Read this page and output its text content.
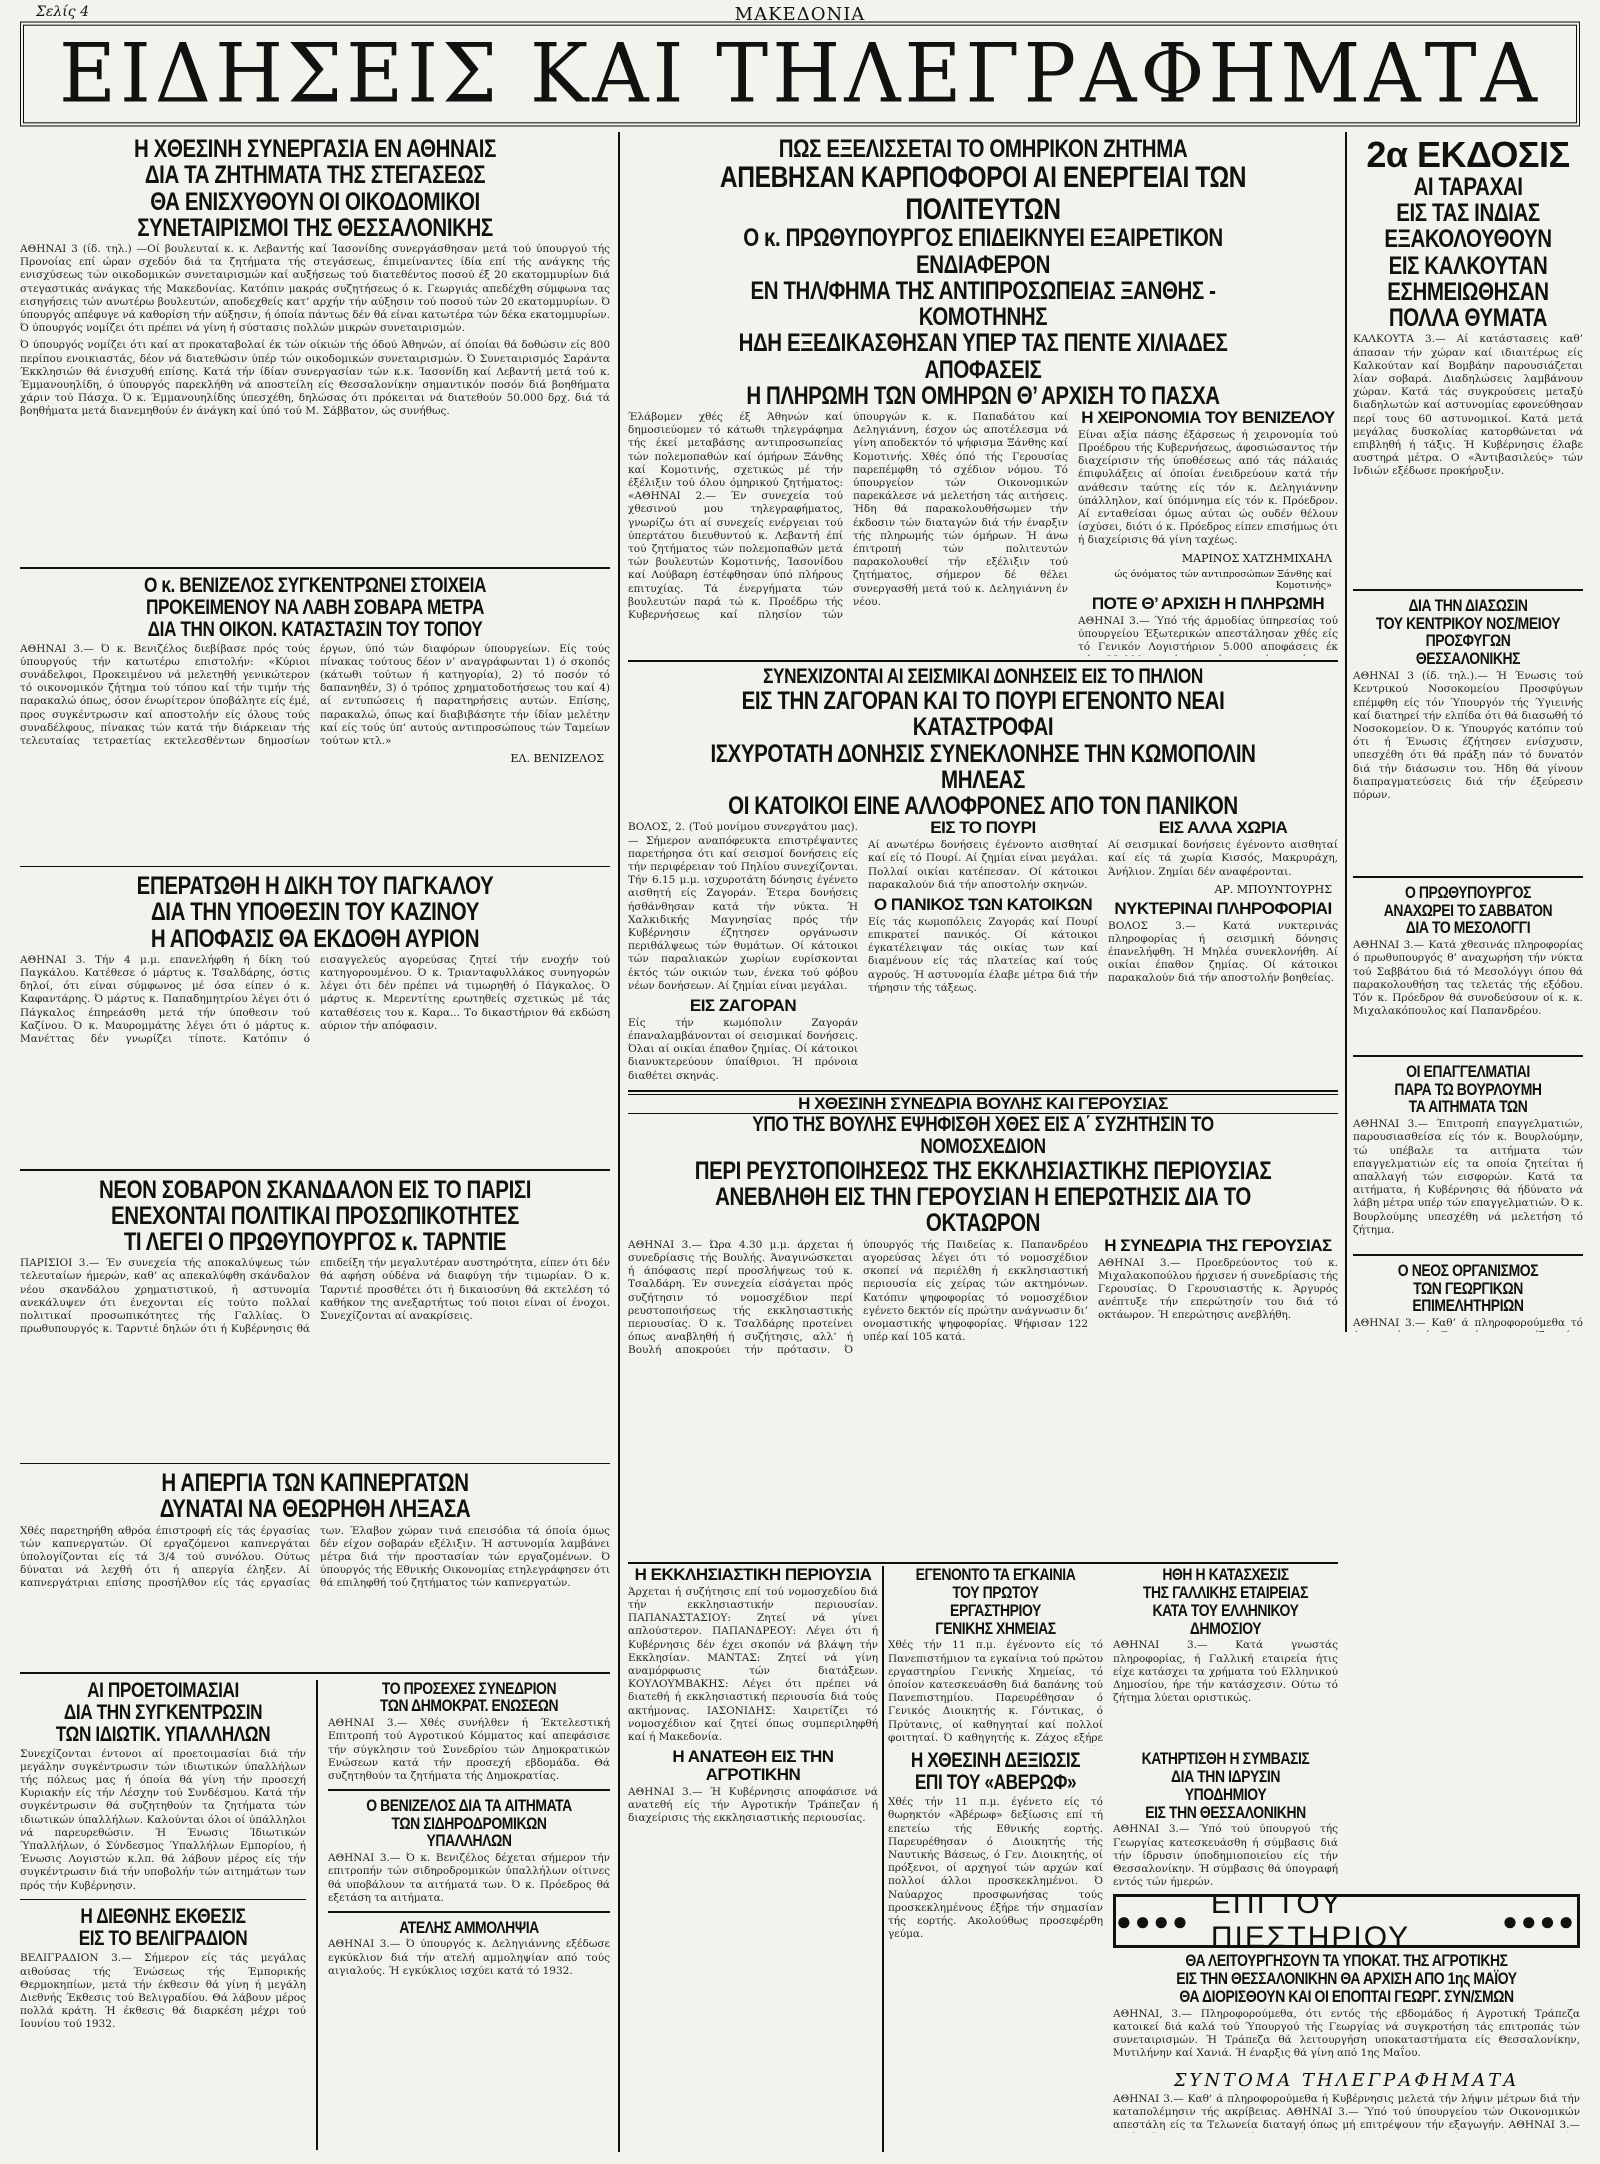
Σελίς 4	ΜΑΚΕΔΟΝΙΑ
ΕΙΔΗΣΕΙΣ ΚΑΙ ΤΗΛΕΓΡΑΦΗΜΑΤΑ
Η ΧΘΕΣΙΝΗ ΣΥΝΕΡΓΑΣΙΑ ΕΝ ΑΘΗΝΑΙΣ
ΔΙΑ ΤΑ ΖΗΤΗΜΑΤΑ ΤΗΣ ΣΤΕΓΑΣΕΩΣ
ΘΑ ΕΝΙΣΧΥΘΟΥΝ ΟΙ ΟΙΚΟΔΟΜΙΚΟΙ
ΣΥΝΕΤΑΙΡΙΣΜΟΙ ΤΗΣ ΘΕΣΣΑΛΟΝΙΚΗΣ

ΑΘΗΝΑΙ 3 (ίδ. τηλ.) —Οί βουλευταί κ. κ. Λεβαντής καί Ίασονίδης συνεργάσθησαν μετά τού ύπουργού τής Προνοίας επί ώραν σχεδόν διά τα ζητήματα τής στεγάσεως, έπιμείναντες ίδία επί τής ανάγκης τής ενισχύσεως τών οικοδομικών συνεταιρισμών καί αυξήσεως τού διατεθέντος ποσού έξ 20 εκατομμυρίων διά στεγαστικάς ανάγκας τής Μακεδονίας. Κατόπιν μακράς συζητήσεως ό κ. Γεωργιάς απεδέχθη σύμφωνα τας εισηγήσεις τών ανωτέρω βουλευτών, αποδεχθείς κατ’ αρχήν τήν αύξησιν τού ποσού τών 20 εκατομμυρίων. Ό ύπουργός απέφυγε νά καθορίση τήν αύξησιν, ή όποία πάντως δέν θά είναι κατωτέρα τών δέκα εκατομμυρίων. Ό ύπουργός νομίζει ότι πρέπει νά γίνη ή σύστασις πολλών μικρών συνεταιρισμών.

Ό ύπουργός νομίζει ότι καί ατ προκαταβολαί έκ τών οίκιών τής όδού Άθηνών, αί όποίαι θά δοθώσιν είς 800 περίπου ενοικιαστάς, δέον νά διατεθώσιν ύπέρ τών οικοδομικών συνεταιρισμών. Ό Συνεταιρισμός Σαράντα Έκκλησιών θά ένισχυθή επίσης. Κατά τήν ίδίαν συνεργασίαν τών κ.κ. Ίασονίδη καί Λεβαντή μετά τού κ. Έμμανουηλίδη, ό ύπουργός παρεκλήθη νά αποστείλη είς Θεσσαλονίκην σημαντικόν ποσόν διά βοηθήματα χάριν τού Πάσχα. Ό κ. Έμμανουηλίδης ύπεσχέθη, δηλώσας ότι πρόκειται νά διατεθούν 50.000 δρχ. διά τά βοηθήματα μετά διανεμηθούν έν άνάγκη καί ύπό τού Μ. Σάββατον, ώς συνήθως.

Ο κ. ΒΕΝΙΖΕΛΟΣ ΣΥΓΚΕΝΤΡΩΝΕΙ ΣΤΟΙΧΕΙΑ
ΠΡΟΚΕΙΜΕΝΟΥ ΝΑ ΛΑΒΗ ΣΟΒΑΡΑ ΜΕΤΡΑ
ΔΙΑ ΤΗΝ ΟΙΚΟΝ. ΚΑΤΑΣΤΑΣΙΝ ΤΟΥ ΤΟΠΟΥ

ΑΘΗΝΑΙ 3.— Ό κ. Βενιζέλος διεβίβασε πρός τούς ύπουργούς τήν κατωτέρω επιστολήν: «Κύριοι συνάδελφοι, Προκειμένου νά μελετηθή γενικώτερον τό οικονομικόν ζήτημα τού τόπου καί τήν τιμήν τής παρακαλώ όπως, όσον ένωρίτερον ύποβάλητε είς έμέ, προς συγκέντρωσιν καί αποστολήν είς όλους τούς συναδέλφους, πίνακας τών κατά τήν διάρκειαν τής τελευταίας τετραετίας εκτελεσθέντων δημοσίων έργων, ύπό τών διαφόρων ύπουργείων. Είς τούς πίνακας τούτους δέον ν’ αναγράφωνται 1) ό σκοπός (κάτωθι τούτων ή κατηγορία), 2) τό ποσόν τό δαπανηθέν, 3) ό τρόπος χρηματοδοτήσεως του καί 4) αί εντυπώσεις ή παρατηρήσεις αυτών. Επίσης, παρακαλώ, όπως καί διαβιβάσητε τήν ίδίαν μελέτην καί είς τούς ύπ’ αυτούς αντιπροσώπους τών Ταμείων τούτων κτλ.»

ΕΛ. ΒΕΝΙΖΕΛΟΣ
ΕΠΕΡΑΤΩΘΗ Η ΔΙΚΗ ΤΟΥ ΠΑΓΚΑΛΟΥ
ΔΙΑ ΤΗΝ ΥΠΟΘΕΣΙΝ ΤΟΥ ΚΑΖΙΝΟΥ
Η ΑΠΟΦΑΣΙΣ ΘΑ ΕΚΔΟΘΗ ΑΥΡΙΟΝ

ΑΘΗΝΑΙ 3. Τήν 4 μ.μ. επανελήφθη ή δίκη τού Παγκάλου. Κατέθεσε ό μάρτυς κ. Τσαλδάρης, όστις δηλοί, ότι είναι σύμφωνος μέ όσα είπεν ό κ. Καφαντάρης. Ό μάρτυς κ. Παπαδημητρίου λέγει ότι ό Πάγκαλος έπηρεάσθη μετά τήν ύποθεσιν τού Καζίνου. Ό κ. Μαυρομμάτης λέγει ότι ό μάρτυς κ. Μανέττας δέν γνωρίζει τίποτε. Κατόπιν ό εισαγγελεύς αγορεύσας ζητεί τήν ενοχήν τού κατηγορουμένου. Ό κ. Τριανταφυλλάκος συνηγορών λέγει ότι δέν πρέπει νά τιμωρηθή ό Πάγκαλος. Ό μάρτυς κ. Μερεντίτης ερωτηθείς σχετικώς μέ τάς καταθέσεις του κ. Καρα... Το δικαστήριον θά εκδώση αύριον τήν απόφασιν.

ΝΕΟΝ ΣΟΒΑΡΟΝ ΣΚΑΝΔΑΛΟΝ ΕΙΣ ΤΟ ΠΑΡΙΣΙ
ΕΝΕΧΟΝΤΑΙ ΠΟΛΙΤΙΚΑΙ ΠΡΟΣΩΠΙΚΟΤΗΤΕΣ
ΤΙ ΛΕΓΕΙ Ο ΠΡΩΘΥΠΟΥΡΓΟΣ κ. ΤΑΡΝΤΙΕ

ΠΑΡΙΣΙΟΙ 3.— Έν συνεχεία τής αποκαλύψεως τών τελευταίων ήμερών, καθ’ ας απεκαλύφθη σκάνδαλον νέου σκανδάλου χρηματιστικού, ή αστυνομία ανεκάλυψεν ότι ένεχονται είς τούτο πολλαί πολιτικαί προσωπικότητες τής Γαλλίας. Ό πρωθυπουργός κ. Ταρντιέ δηλών ότι ή Κυβέρνησις θά επιδείξη τήν μεγαλυτέραν αυστηρότητα, είπεν ότι δέν θά αφήση ούδένα νά διαφύγη τήν τιμωρίαν. Ό κ. Ταρντιέ προσθέτει ότι ή δικαιοσύνη θά εκτελέση τό καθήκον της ανεξαρτήτως τού ποιοι είναι οί ένοχοι. Συνεχίζονται αί ανακρίσεις.

Η ΑΠΕΡΓΙΑ ΤΩΝ ΚΑΠΝΕΡΓΑΤΩΝ
ΔΥΝΑΤΑΙ ΝΑ ΘΕΩΡΗΘΗ ΛΗΞΑΣΑ

Χθές παρετηρήθη αθρόα έπιστροφή είς τάς έργασίας τών καπνεργατών. Οί εργαζόμενοι καπνεργάται ύπολογίζονται είς τά 3/4 τού συνόλου. Ούτως δύναται νά λεχθή ότι ή απεργία έληξεν. Αί καπνεργάτριαι επίσης προσήλθον είς τάς εργασίας των. Έλαβον χώραν τινά επεισόδια τά όποία όμως δέν είχον σοβαράν εξέλιξιν. Ή αστυνομία λαμβάνει μέτρα διά τήν προστασίαν τών εργαζομένων. Ό ύπουργός τής Εθνικής Οικονομίας ετηλεγράφησεν ότι θά επιληφθή τού ζητήματος τών καπνεργατών.

ΑΙ ΠΡΟΕΤΟΙΜΑΣΙΑΙ
ΔΙΑ ΤΗΝ ΣΥΓΚΕΝΤΡΩΣΙΝ
ΤΩΝ ΙΔΙΩΤΙΚ. ΥΠΑΛΛΗΛΩΝ

Συνεχίζονται έντονοι αί προετοιμασίαι διά τήν μεγάλην συγκέντρωσιν τών ιδιωτικών ύπαλλήλων τής πόλεως μας ή όποία θά γίνη τήν προσεχή Κυριακήν είς τήν Λέσχην τού Συνδέσμου. Κατά τήν συγκέντρωσιν θά συζητηθούν τα ζητήματα τών ιδιωτικών ύπαλλήλων. Καλούνται όλοι οί ύπάλληλοι νά παρευρεθώσιν. Ή Ένωσις Ίδιωτικών Ύπαλλήλων, ό Σύνδεσμος Ύπαλλήλων Εμπορίου, ή Ένωσις Λογιστών κ.λπ. θά λάβουν μέρος είς τήν συγκέντρωσιν διά τήν υποβολήν τών αιτημάτων των πρός τήν Κυβέρνησιν.

Η ΔΙΕΘΝΗΣ ΕΚΘΕΣΙΣ
ΕΙΣ ΤΟ ΒΕΛΙΓΡΑΔΙΟΝ

ΒΕΛΙΓΡΑΔΙΟΝ 3.— Σήμερον είς τάς μεγάλας αιθούσας τής Ένώσεως τής Έμπορικής Θερμοκηπίων, μετά τήν έκθεσιν θά γίνη ή μεγάλη Διεθνής Έκθεσις τού Βελιγραδίου. Θά λάβουν μέρος πολλά κράτη. Ή έκθεσις θά διαρκέση μέχρι τού Ιουνίου τού 1932.

ΤΟ ΠΡΟΣΕΧΕΣ ΣΥΝΕΔΡΙΟΝ
ΤΩΝ ΔΗΜΟΚΡΑΤ. ΕΝΩΣΕΩΝ

ΑΘΗΝΑΙ 3.— Χθές συνήλθεν ή Έκτελεστική Επιτροπή τού Αγροτικού Κόμματος καί απεφάσισε τήν σύγκλησιν τού Συνεδρίου τών Δημοκρατικών Ενώσεων κατά τήν προσεχή εβδομάδα. Θά συζητηθούν τα ζητήματα τής Δημοκρατίας.

Ο ΒΕΝΙΖΕΛΟΣ ΔΙΑ ΤΑ ΑΙΤΗΜΑΤΑ
ΤΩΝ ΣΙΔΗΡΟΔΡΟΜΙΚΩΝ ΥΠΑΛΛΗΛΩΝ

ΑΘΗΝΑΙ 3.— Ό κ. Βενιζέλος δέχεται σήμερον τήν επιτροπήν τών σιδηροδρομικών ύπαλλήλων οίτινες θά υποβάλουν τα αιτήματά των. Ό κ. Πρόεδρος θά εξετάση τα αιτήματα.

ΑΤΕΛΗΣ ΑΜΜΟΛΗΨΙΑ

ΑΘΗΝΑΙ 3.— Ό ύπουργός κ. Δεληγιάννης εξέδωσε εγκύκλιον διά τήν ατελή αμμοληψίαν από τούς αιγιαλούς. Ή εγκύκλιος ισχύει κατά τό 1932.

ΠΩΣ ΕΞΕΛΙΣΣΕΤΑΙ ΤΟ ΟΜΗΡΙΚΟΝ ΖΗΤΗΜΑ
ΑΠΕΒΗΣΑΝ ΚΑΡΠΟΦΟΡΟΙ ΑΙ ΕΝΕΡΓΕΙΑΙ ΤΩΝ ΠΟΛΙΤΕΥΤΩΝ
Ο κ. ΠΡΩΘΥΠΟΥΡΓΟΣ ΕΠΙΔΕΙΚΝΥΕΙ ΕΞΑΙΡΕΤΙΚΟΝ ΕΝΔΙΑΦΕΡΟΝ
ΕΝ ΤΗΛ/ΦΗΜΑ ΤΗΣ ΑΝΤΙΠΡΟΣΩΠΕΙΑΣ ΞΑΝΘΗΣ - ΚΟΜΟΤΗΝΗΣ
ΗΔΗ ΕΞΕΔΙΚΑΣΘΗΣΑΝ ΥΠΕΡ ΤΑΣ ΠΕΝΤΕ ΧΙΛΙΑΔΕΣ ΑΠΟΦΑΣΕΙΣ
Η ΠΛΗΡΩΜΗ ΤΩΝ ΟΜΗΡΩΝ Θ’ ΑΡΧΙΣΗ ΤΟ ΠΑΣΧΑ

Έλάβομεν χθές έξ Άθηνών καί δημοσιεύομεν τό κάτωθι τηλεγράφημα τής έκεί μεταβάσης αντιπροσωπείας τών πολεμοπαθών καί όμήρων Ξάνθης καί Κομοτινής, σχετικώς μέ τήν έξέλιξιν τού όλου όμηρικού ζητήματος: «ΑΘΗΝΑΙ 2.— Έν συνεχεία τού χθεσινού μου τηλεγραφήματος, γνωρίζω ότι αί συνεχείς ενέργειαι τού ύπερτάτου διευθυντού κ. Λεβαντή έπί τού ζητήματος τών πολεμοπαθών μετά τών βουλευτών Κομοτινής, Ίασονίδου καί Λούβαρη έστέφθησαν ύπό πλήρους επιτυχίας. Τά ένεργήματα τών βουλευτών παρά τώ κ. Προέδρω τής Κυβερνήσεως καί πλησίον τών ύπουργών κ. κ. Παπαδάτου καί Δεληγιάννη, έσχον ώς αποτέλεσμα νά γίνη αποδεκτόν τό ψήφισμα Ξάνθης καί Κομοτινής. Χθές όπό τής Γερουσίας παρεπέμφθη τό σχέδιον νόμου. Τό ύπουργείον τών Οικονομικών παρεκάλεσε νά μελετήση τάς αιτήσεις. Ήδη θά παρακολουθήσωμεν τήν έκδοσιν τών διαταγών διά τήν έναρξιν τής πληρωμής τών όμήρων. Ή άνω έπιτροπή τών πολιτευτών παρακολουθεί τήν εξέλιξιν τού ζητήματος, σήμερον δέ θέλει συνεργασθή μετά τού κ. Δεληγιάννη έν νέου.

Η ΧΕΙΡΟΝΟΜΙΑ ΤΟΥ ΒΕΝΙΖΕΛΟΥ

Είναι αξία πάσης έξάρσεως ή χειρονομία τού Προέδρου τής Κυβερνήσεως, άφοσιώσαντος τήν διαχείρισιν τής ύποθέσεως από τάς πάλαιάς έπιφυλάξεις αί όποίαι ένειδρεύουν κατά τήν ανάθεσιν ταύτης είς τόν κ. Δεληγιάννην ύπάλληλον, καί ύπόμνημα είς τόν κ. Πρόεδρον. Αί ενταθείσαι όμως αύται ώς ουδέν θέλουν ίσχύσει, διότι ό κ. Πρόεδρος είπεν επισήμως ότι ή διαχείρισις θά γίνη ταχέως.

ΜΑΡΙΝΟΣ ΧΑΤΖΗΜΙΧΑΗΛ
ώς όνόματος τών αντιπροσώπων Ξάνθης καί Κομοτινής»
ΠΟΤΕ Θ’ ΑΡΧΙΣΗ Η ΠΛΗΡΩΜΗ

ΑΘΗΝΑΙ 3.— Ύπό τής άρμοδίας ύπηρεσίας τού ύπουργείου Έξωτερικών απεστάλησαν χθές είς τό Γενικόν Λογιστήριον 5.000 αποφάσεις έκ

ΣΥΝΕΧΙΖΟΝΤΑΙ ΑΙ ΣΕΙΣΜΙΚΑΙ ΔΟΝΗΣΕΙΣ ΕΙΣ ΤΟ ΠΗΛΙΟΝ
ΕΙΣ ΤΗΝ ΖΑΓΟΡΑΝ ΚΑΙ ΤΟ ΠΟΥΡΙ ΕΓΕΝΟΝΤΟ ΝΕΑΙ ΚΑΤΑΣΤΡΟΦΑΙ
ΙΣΧΥΡΟΤΑΤΗ ΔΟΝΗΣΙΣ ΣΥΝΕΚΛΟΝΗΣΕ ΤΗΝ ΚΩΜΟΠΟΛΙΝ ΜΗΛΕΑΣ
ΟΙ ΚΑΤΟΙΚΟΙ ΕΙΝΕ ΑΛΛΟΦΡΟΝΕΣ ΑΠΟ ΤΟΝ ΠΑΝΙΚΟΝ

ΒΟΛΟΣ, 2. (Τού μονίμου συνεργάτου μας).— Σήμερον αναπόφευκτα επιστρέψαντες παρετήρησα ότι καί σεισμοί δονήσεις είς τήν περιφέρειαν τού Πηλίου συνεχίζονται. Τήν 6.15 μ.μ. ισχυροτάτη δόνησις έγένετο αισθητή είς Ζαγοράν. Έτερα δονήσεις ήσθάνθησαν κατά τήν νύκτα. Ή Χαλκιδικής Μαγνησίας πρός τήν Κυβέρνησιν έζητησεν οργάνωσιν περιθάλψεως τών θυμάτων. Οί κάτοικοι τών παραλιακών χωρίων ευρίσκονται έκτός τών οικιών των, ένεκα τού φόβου νέων δονήσεων. Αί ζημίαι είναι μεγάλαι.

ΕΙΣ ΖΑΓΟΡΑΝ

Είς τήν κωμόπολιν Ζαγοράν έπαναλαμβάνονται οί σεισμικαί δονήσεις. Όλαι αί οικίαι έπαθον ζημίας. Οί κάτοικοι διανυκτερεύουν ύπαίθριοι. Ή πρόνοια διαθέτει σκηνάς.

ΕΙΣ ΤΟ ΠΟΥΡΙ

Αί ανωτέρω δονήσεις έγένοντο αισθηταί καί είς τό Πουρί. Αί ζημίαι είναι μεγάλαι. Πολλαί οικίαι κατέπεσαν. Οί κάτοικοι παρακαλούν διά τήν αποστολήν σκηνών.

Ο ΠΑΝΙΚΟΣ ΤΩΝ ΚΑΤΟΙΚΩΝ

Είς τάς κωμοπόλεις Ζαγοράς καί Πουρί επικρατεί πανικός. Οί κάτοικοι έγκατέλειψαν τάς οικίας των καί διαμένουν είς τάς πλατείας καί τούς αγρούς. Ή αστυνομία έλαβε μέτρα διά τήν τήρησιν τής τάξεως.

ΕΙΣ ΑΛΛΑ ΧΩΡΙΑ

Αί σεισμικαί δονήσεις έγένοντο αισθηταί καί είς τά χωρία Κισσός, Μακρυράχη, Άνήλιον. Ζημίαι δέν αναφέρονται.

ΑΡ. ΜΠΟΥΝΤΟΥΡΗΣ
ΝΥΚΤΕΡΙΝΑΙ ΠΛΗΡΟΦΟΡΙΑΙ

ΒΟΛΟΣ 3.— Κατά νυκτερινάς πληροφορίας ή σεισμική δόνησις έπανελήφθη. Ή Μηλέα συνεκλονήθη. Αί οικίαι έπαθον ζημίας. Οί κάτοικοι παρακαλούν διά τήν αποστολήν βοηθείας.

Η ΧΘΕΣΙΝΗ ΣΥΝΕΔΡΙΑ ΒΟΥΛΗΣ ΚΑΙ ΓΕΡΟΥΣΙΑΣ
ΥΠΟ ΤΗΣ ΒΟΥΛΗΣ ΕΨΗΦΙΣΘΗ ΧΘΕΣ ΕΙΣ Α΄ ΣΥΖΗΤΗΣΙΝ ΤΟ ΝΟΜΟΣΧΕΔΙΟΝ
ΠΕΡΙ ΡΕΥΣΤΟΠΟΙΗΣΕΩΣ ΤΗΣ ΕΚΚΛΗΣΙΑΣΤΙΚΗΣ ΠΕΡΙΟΥΣΙΑΣ
ΑΝΕΒΛΗΘΗ ΕΙΣ ΤΗΝ ΓΕΡΟΥΣΙΑΝ Η ΕΠΕΡΩΤΗΣΙΣ ΔΙΑ ΤΟ ΟΚΤΑΩΡΟΝ

ΑΘΗΝΑΙ 3.— Ώρα 4.30 μ.μ. άρχεται ή συνεδρίασις τής Βουλής. Άναγινώσκεται ή άπόφασις περί προσλήψεως τού κ. Τσαλδάρη. Έν συνεχεία είσάγεται πρός συζήτησιν τό νομοσχέδιον περί ρευστοποιήσεως τής εκκλησιαστικής περιουσίας. Ό κ. Τσαλδάρης προτείνει όπως αναβληθή ή συζήτησις, αλλ’ ή Βουλή αποκρούει τήν πρότασιν. Ό ύπουργός τής Παιδείας κ. Παπανδρέου αγορεύσας λέγει ότι τό νομοσχέδιον σκοπεί νά περιέλθη ή εκκλησιαστική περιουσία είς χείρας τών ακτημόνων. Κατόπιν ψηφοφορίας τό νομοσχέδιον εγένετο δεκτόν είς πρώτην ανάγνωσιν δι’ ονομαστικής ψηφοφορίας. Ψήφισαν 122 υπέρ καί 105 κατά.

Η ΣΥΝΕΔΡΙΑ ΤΗΣ ΓΕΡΟΥΣΙΑΣ

ΑΘΗΝΑΙ 3.— Προεδρεύοντος τού κ. Μιχαλακοπούλου ήρχισεν ή συνεδρίασις τής Γερουσίας. Ό Γερουσιαστής κ. Άργυρός ανέπτυξε τήν επερώτησίν του διά τό οκτάωρον. Ή επερώτησις ανεβλήθη.

Η ΕΚΚΛΗΣΙΑΣΤΙΚΗ ΠΕΡΙΟΥΣΙΑ

Άρχεται ή συζήτησις επί τού νομοσχεδίου διά τήν εκκλησιαστικήν περιουσίαν. ΠΑΠΑΝΑΣΤΑΣΙΟΥ: Ζητεί νά γίνει απλούστερον. ΠΑΠΑΝΔΡΕΟΥ: Λέγει ότι ή Κυβέρνησις δέν έχει σκοπόν νά βλάψη τήν Εκκλησίαν. ΜΑΝΤΑΣ: Ζητεί νά γίνη αναμόρφωσις τών διατάξεων. ΚΟΥΛΟΥΜΒΑΚΗΣ: Λέγει ότι πρέπει νά διατεθή ή εκκλησιαστική περιουσία διά τούς ακτήμονας. ΙΑΣΟΝΙΔΗΣ: Χαιρετίζει τό νομοσχέδιον καί ζητεί όπως συμπεριληφθή καί ή Μακεδονία.

Η ΑΝΑΤΕΘΗ ΕΙΣ ΤΗΝ ΑΓΡΟΤΙΚΗΝ

ΑΘΗΝΑΙ 3.— Ή Κυβέρνησις αποφάσισε νά ανατεθή είς τήν Αγροτικήν Τράπεζαν ή διαχείρισις τής εκκλησιαστικής περιουσίας.

ΕΓΕΝΟΝΤΟ ΤΑ ΕΓΚΑΙΝΙΑ
ΤΟΥ ΠΡΩΤΟΥ ΕΡΓΑΣΤΗΡΙΟΥ
ΓΕΝΙΚΗΣ ΧΗΜΕΙΑΣ

Χθές τήν 11 π.μ. έγένοντο είς τό Πανεπιστήμιον τα εγκαίνια τού πρώτου εργαστηρίου Γενικής Χημείας, τό όποίον κατεσκευάσθη διά δαπάνης τού Πανεπιστημίου. Παρευρέθησαν ό Γενικός Διοικητής κ. Γόντικας, ό Πρύτανις, οί καθηγηταί καί πολλοί φοιτηταί. Ό καθηγητής κ. Ζάχος εξήρε

ΗΘΗ Η ΚΑΤΑΣΧΕΣΙΣ
ΤΗΣ ΓΑΛΛΙΚΗΣ ΕΤΑΙΡΕΙΑΣ
ΚΑΤΑ ΤΟΥ ΕΛΛΗΝΙΚΟΥ ΔΗΜΟΣΙΟΥ

ΑΘΗΝΑΙ 3.— Κατά γνωστάς πληροφορίας, ή Γαλλική εταιρεία ήτις είχε κατάσχει τα χρήματα τού Ελληνικού Δημοσίου, ήρε τήν κατάσχεσιν. Ούτω τό ζήτημα λύεται οριστικώς.

Η ΧΘΕΣΙΝΗ ΔΕΞΙΩΣΙΣ
ΕΠΙ ΤΟΥ «ΑΒΕΡΩΦ»

Χθές τήν 11 π.μ. έγένετο είς τό θωρηκτόν «Άβέρωφ» δεξίωσις επί τή επετείω τής Εθνικής εορτής. Παρευρέθησαν ό Διοικητής τής Ναυτικής Βάσεως, ό Γεν. Διοικητής, οί πρόξενοι, οί αρχηγοί τών αρχών καί πολλοί άλλοι προσκεκλημένοι. Ό Ναύαρχος προσφωνήσας τούς προσκεκλημένους έξήρε τήν σημασίαν τής εορτής. Ακολούθως προσεφέρθη γεύμα.

ΚΑΤΗΡΤΙΣΘΗ Η ΣΥΜΒΑΣΙΣ
ΔΙΑ ΤΗΝ ΙΔΡΥΣΙΝ ΥΠΟΔΗΜΙΟΥ
ΕΙΣ ΤΗΝ ΘΕΣΣΑΛΟΝΙΚΗΝ

ΑΘΗΝΑΙ 3.— Ύπό τού ύπουργού τής Γεωργίας κατεσκευάσθη ή σύμβασις διά τήν ίδρυσιν ύποδημιοποιείου είς τήν Θεσσαλονίκην. Ή σύμβασις θά ύπογραφή εντός τών ήμερών.

2α ΕΚΔΟΣΙΣ
ΑΙ ΤΑΡΑΧΑΙ
ΕΙΣ ΤΑΣ ΙΝΔΙΑΣ
ΕΞΑΚΟΛΟΥΘΟΥΝ
ΕΙΣ ΚΑΛΚΟΥΤΑΝ
ΕΣΗΜΕΙΩΘΗΣΑΝ
ΠΟΛΛΑ ΘΥΜΑΤΑ

ΚΑΛΚΟΥΤΑ 3.— Αί κατάστασεις καθ’ άπασαν τήν χώραν καί ιδιαιτέρως είς Καλκούταν καί Βομβάην παρουσιάζεται λίαν σοβαρά. Διαδηλώσεις λαμβάνουν χώραν. Κατά τάς συγκρούσεις μεταξύ διαδηλωτών καί αστυνομίας εφονεύθησαν περί τους 60 αστυνομικοί. Κατά μετά μεγάλας δυσκολίας κατορθώνεται νά επιβληθή ή τάξις. Ή Κυβέρνησις έλαβε αυστηρά μέτρα. Ο «Άντιβασιλεύς» τών Ινδιών εξέδωσε προκήρυξιν.

ΔΙΑ ΤΗΝ ΔΙΑΣΩΣΙΝ
ΤΟΥ ΚΕΝΤΡΙΚΟΥ ΝΟΣ/ΜΕΙΟΥ
ΠΡΟΣΦΥΓΩΝ ΘΕΣΣΑΛΟΝΙΚΗΣ

ΑΘΗΝΑΙ 3 (ίδ. τηλ.).— Ή Ένωσις τού Κεντρικού Νοσοκομείου Προσφύγων επέμφθη είς τόν Ύπουργόν τής Ύγιεινής καί διατηρεί τήν ελπίδα ότι θά διασωθή τό Νοσοκομείον. Ό κ. Ύπουργός κατόπιν τού ότι ή Ένωσις έζήτησεν ενίσχυσιν, υπεσχέθη ότι θά πράξη πάν τό δυνατόν διά τήν διάσωσιν του. Ήδη θά γίνουν διαπραγματεύσεις διά τήν έξεύρεσιν πόρων.

Ο ΠΡΩΘΥΠΟΥΡΓΟΣ
ΑΝΑΧΩΡΕΙ ΤΟ ΣΑΒΒΑΤΟΝ
ΔΙΑ ΤΟ ΜΕΣΟΛΟΓΓΙ

ΑΘΗΝΑΙ 3.— Κατά χθεσινάς πληροφορίας ό πρωθυπουργός θ’ αναχωρήση τήν νύκτα τού Σαββάτου διά τό Μεσολόγγι όπου θά παρακολουθήση τας τελετάς τής εξόδου. Τόν κ. Πρόεδρον θά συνοδεύσουν οί κ. κ. Μιχαλακόπουλος καί Παπανδρέου.

ΟΙ ΕΠΑΓΓΕΛΜΑΤΙΑΙ
ΠΑΡΑ ΤΩ ΒΟΥΡΛΟΥΜΗ
ΤΑ ΑΙΤΗΜΑΤΑ ΤΩΝ

ΑΘΗΝΑΙ 3.— Έπιτροπή επαγγελματιών, παρουσιασθείσα είς τόν κ. Βουρλούμην, τώ υπέβαλε τα αιτήματα τών επαγγελματιών είς τα οποία ζητείται ή απαλλαγή τών εισφορών. Κατά τα αιτήματα, ή Κυβέρνησις θά ήδύνατο νά λάβη μέτρα υπέρ τών επαγγελματιών. Ό κ. Βουρλούμης υπεσχέθη νά μελετήση τό ζήτημα.

Ο ΝΕΟΣ ΟΡΓΑΝΙΣΜΟΣ
ΤΩΝ ΓΕΩΡΓΙΚΩΝ ΕΠΙΜΕΛΗΤΗΡΙΩΝ

ΑΘΗΝΑΙ 3.— Καθ’ ά πληροφορούμεθα τό

●●●●
ΕΠΙ ΤΟΥ ΠΙΕΣΤΗΡΙΟΥ
●●●●
ΘΑ ΛΕΙΤΟΥΡΓΗΣΟΥΝ ΤΑ ΥΠΟΚΑΤ. ΤΗΣ ΑΓΡΟΤΙΚΗΣ
ΕΙΣ ΤΗΝ ΘΕΣΣΑΛΟΝΙΚΗΝ ΘΑ ΑΡΧΙΣΗ ΑΠΟ 1ης ΜΑΪΟΥ
ΘΑ ΔΙΟΡΙΣΘΟΥΝ ΚΑΙ ΟΙ ΕΠΟΠΤΑΙ ΓΕΩΡΓ. ΣΥΝ/ΣΜΩΝ

ΑΘΗΝΑΙ, 3.— Πληροφορούμεθα, ότι εντός τής εβδομάδος ή Αγροτική Τράπεζα κατοικεί διά καλά τού Ύπουργού τής Γεωργίας νά συγκροτήση τάς επιτροπάς τών συνεταιρισμών. Ή Τράπεζα θά λειτουργήση υποκαταστήματα είς Θεσσαλονίκην, Μυτιλήνην καί Χανιά. Ή έναρξις θά γίνη από 1ης Μαΐου.

ΣΥΝΤΟΜΑ ΤΗΛΕΓΡΑΦΗΜΑΤΑ

ΑΘΗΝΑΙ 3.— Καθ’ ά πληροφορούμεθα ή Κυβέρνησις μελετά τήν λήψιν μέτρων διά τήν καταπολέμησιν τής ακρίβειας. ΑΘΗΝΑΙ 3.— Ύπό τού ύπουργείου τών Οικονομικών απεστάλη είς τα Τελωνεία διαταγή όπως μή επιτρέψουν τήν εξαγωγήν. ΑΘΗΝΑΙ 3.—
